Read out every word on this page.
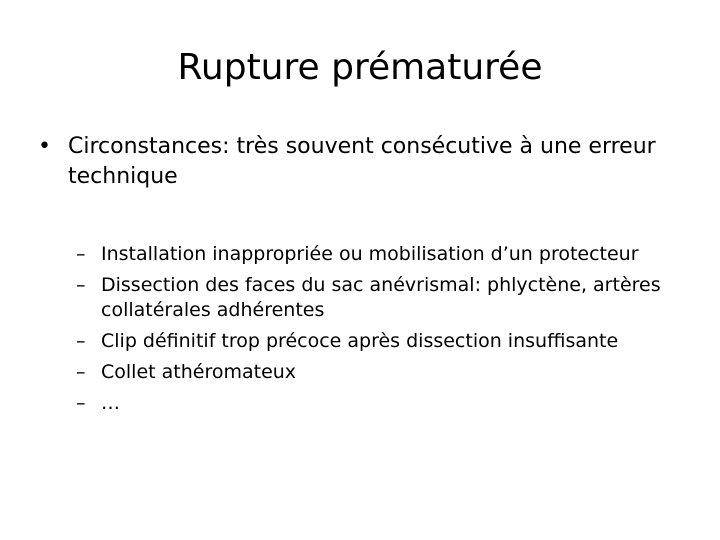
Rupture prématurée
• Circonstances: très souvent consécutive à une erreur technique
– Installation inappropriée ou mobilisation d’un protecteur
– Dissection des faces du sac anévrismal: phlyctène, artères collatérales adhérentes
– Clip définitif trop précoce après dissection insuffisante
– Collet athéromateux
– …
